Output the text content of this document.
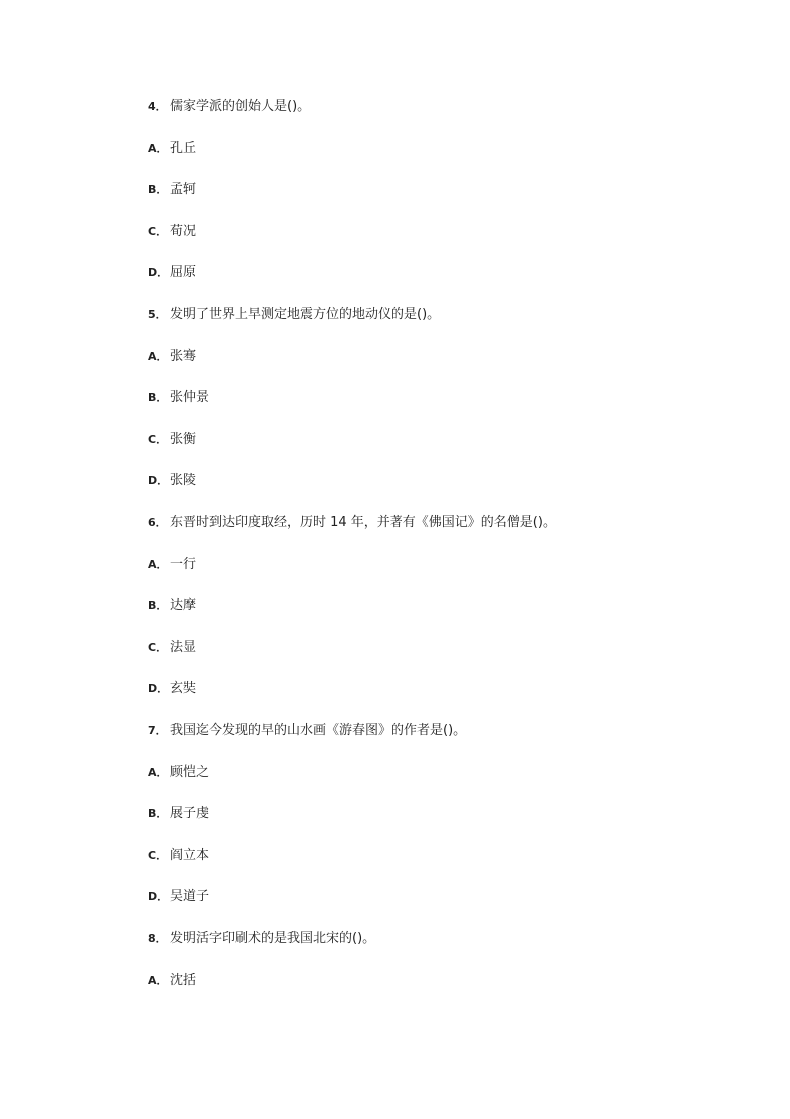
4． 儒家学派的创始人是()。
A． 孔丘
B． 孟轲
C． 荀况
D． 屈原
5． 发明了世界上早测定地震方位的地动仪的是()。
A． 张骞
B． 张仲景
C． 张衡
D． 张陵
6． 东晋时到达印度取经，历时 14 年，并著有《佛国记》的名僧是()。
A． 一行
B． 达摩
C． 法显
D． 玄奘
7． 我国迄今发现的早的山水画《游春图》的作者是()。
A． 顾恺之
B． 展子虔
C． 阎立本
D． 吴道子
8． 发明活字印刷术的是我国北宋的()。
A． 沈括
